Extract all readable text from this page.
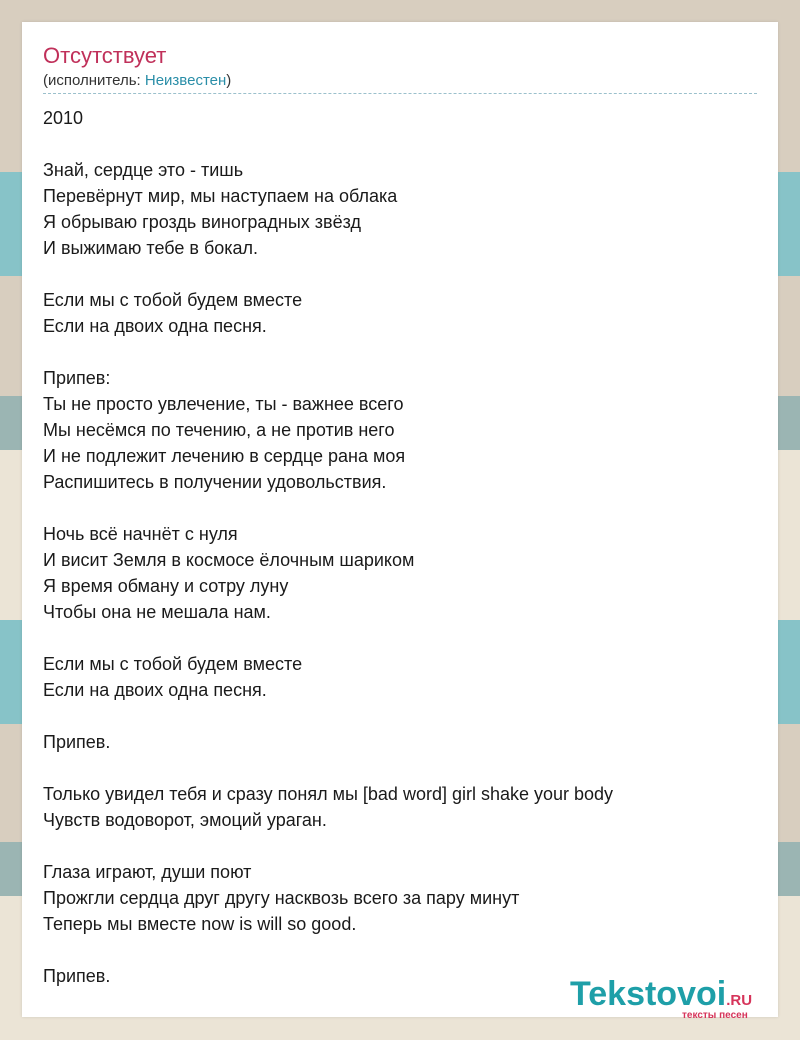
Отсутствует
(исполнитель: Неизвестен)
2010
Знай, сердце это - тишь
Перевёрнут мир, мы наступаем на облака
Я обрываю гроздь виноградных звёзд
И выжимаю тебе в бокал.
Если мы с тобой будем вместе
Если на двоих одна песня.
Припев:
Ты не просто увлечение, ты - важнее всего
Мы несёмся по течению, а не против него
И не подлежит лечению в сердце рана моя
Распишитесь в получении удовольствия.
Ночь всё начнёт с нуля
И висит Земля в космосе ёлочным шариком
Я время обману и сотру луну
Чтобы она не мешала нам.
Если мы с тобой будем вместе
Если на двоих одна песня.
Припев.
Только увидел тебя и сразу понял мы [bad word] girl shake your body
Чувств водоворот, эмоций ураган.
Глаза играют, души поют
Прожгли сердца друг другу насквозь всего за пару минут
Теперь мы вместе now is will so good.
Припев.	Tekstovoi.RU
тексты песен
